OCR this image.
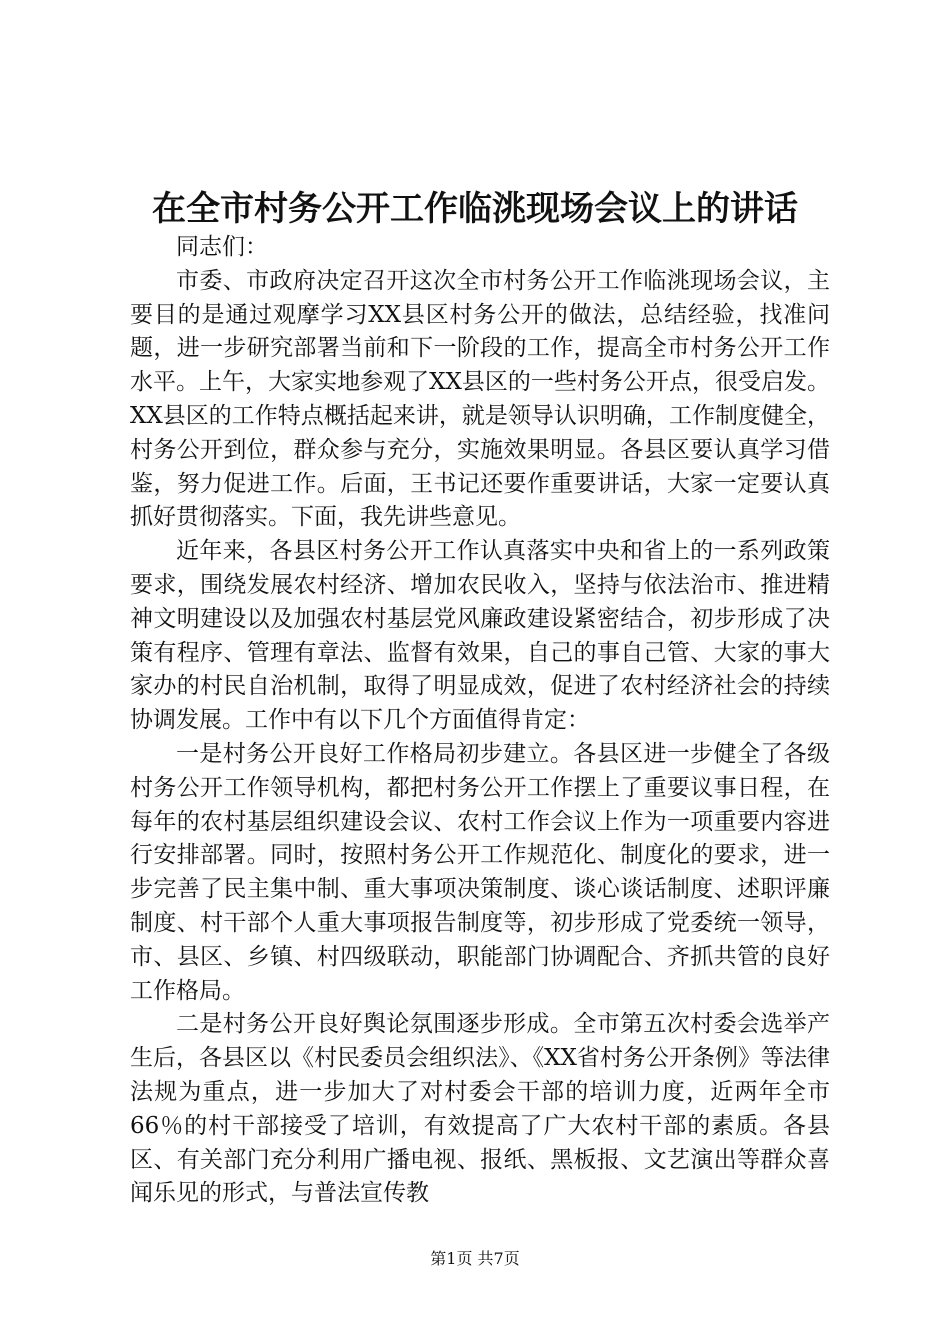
在全市村务公开工作临洮现场会议上的讲话

同志们：

市委、市政府决定召开这次全市村务公开工作临洮现场会议，主要目的是通过观摩学习XX县区村务公开的做法，总结经验，找准问题，进一步研究部署当前和下一阶段的工作，提高全市村务公开工作水平。上午，大家实地参观了XX县区的一些村务公开点，很受启发。XX县区的工作特点概括起来讲，就是领导认识明确，工作制度健全，村务公开到位，群众参与充分，实施效果明显。各县区要认真学习借鉴，努力促进工作。后面，王书记还要作重要讲话，大家一定要认真抓好贯彻落实。下面，我先讲些意见。

近年来，各县区村务公开工作认真落实中央和省上的一系列政策要求，围绕发展农村经济、增加农民收入，坚持与依法治市、推进精神文明建设以及加强农村基层党风廉政建设紧密结合，初步形成了决策有程序、管理有章法、监督有效果，自己的事自己管、大家的事大家办的村民自治机制，取得了明显成效，促进了农村经济社会的持续协调发展。工作中有以下几个方面值得肯定：

一是村务公开良好工作格局初步建立。各县区进一步健全了各级村务公开工作领导机构，都把村务公开工作摆上了重要议事日程，在每年的农村基层组织建设会议、农村工作会议上作为一项重要内容进行安排部署。同时，按照村务公开工作规范化、制度化的要求，进一步完善了民主集中制、重大事项决策制度、谈心谈话制度、述职评廉制度、村干部个人重大事项报告制度等，初步形成了党委统一领导，市、县区、乡镇、村四级联动，职能部门协调配合、齐抓共管的良好工作格局。

二是村务公开良好舆论氛围逐步形成。全市第五次村委会选举产生后，各县区以《村民委员会组织法》、《XX省村务公开条例》等法律法规为重点，进一步加大了对村委会干部的培训力度，近两年全市66％的村干部接受了培训，有效提高了广大农村干部的素质。各县区、有关部门充分利用广播电视、报纸、黑板报、文艺演出等群众喜闻乐见的形式，与普法宣传教

第1页 共7页
